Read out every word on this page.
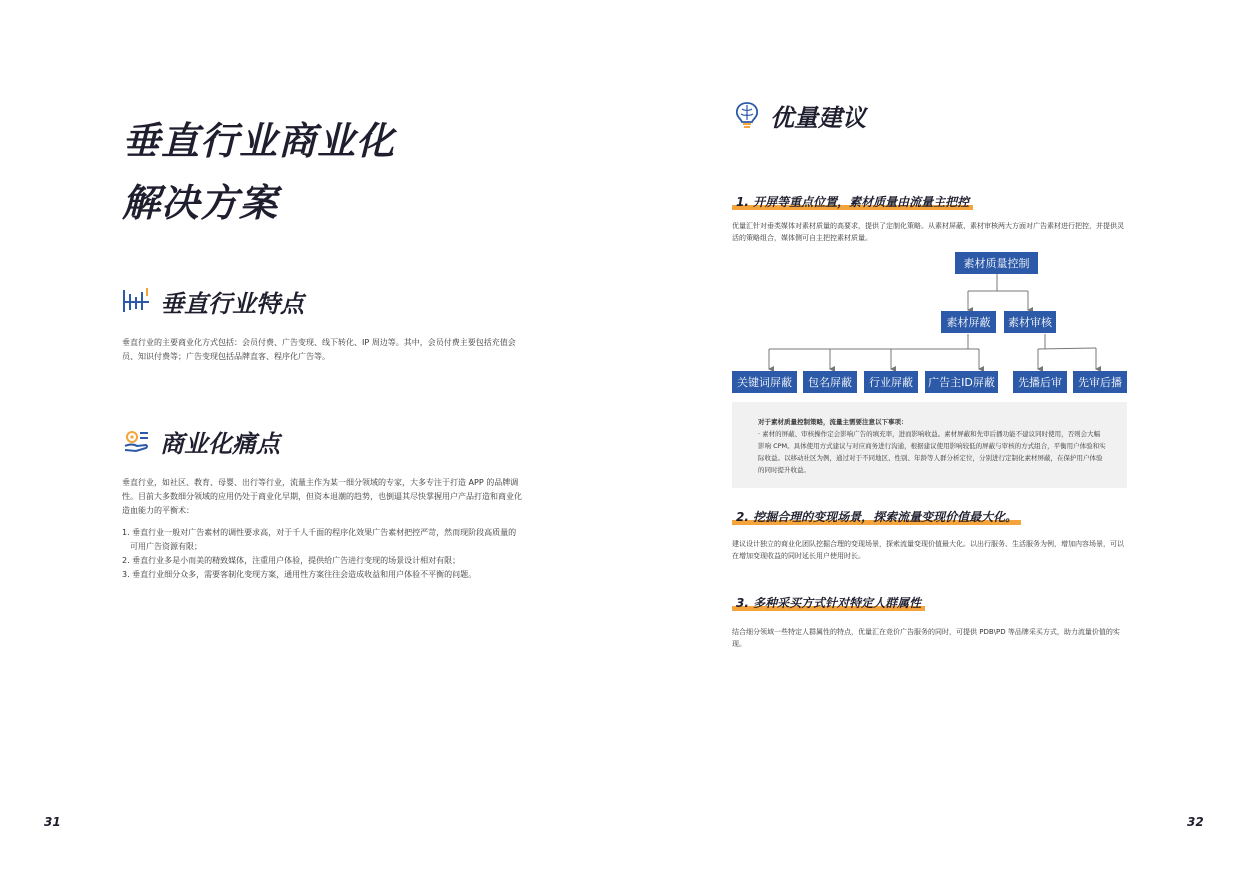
垂直行业商业化
解决方案
垂直行业特点
垂直行业的主要商业化方式包括：会员付费、广告变现、线下转化、IP 周边等。其中，会员付费主要包括充值会员、知识付费等；广告变现包括品牌直客、程序化广告等。
商业化痛点
垂直行业，如社区、教育、母婴、出行等行业，流量主作为某一细分领域的专家，大多专注于打造 APP 的品牌调性。目前大多数细分领域的应用仍处于商业化早期，但资本退潮的趋势，也倒逼其尽快掌握用户产品打造和商业化造血能力的平衡术：
1. 垂直行业一般对广告素材的调性要求高，对于千人千面的程序化效果广告素材把控严苛，然而现阶段高质量的可用广告资源有限；
2. 垂直行业多是小而美的精致媒体，注重用户体验，提供给广告进行变现的场景设计相对有限；
3. 垂直行业细分众多，需要客制化变现方案，通用性方案往往会造成收益和用户体验不平衡的问题。
31
优量建议
1. 开屏等重点位置，素材质量由流量主把控
优量汇针对垂类媒体对素材质量的高要求，提供了定制化策略。从素材屏蔽、素材审核两大方面对广告素材进行把控，并提供灵活的策略组合，媒体侧可自主把控素材质量。
素材质量控制
素材屏蔽	素材审核
关键词屏蔽	包名屏蔽	行业屏蔽	广告主ID屏蔽	先播后审	先审后播
对于素材质量控制策略，流量主需要注意以下事项：
· 素材的屏蔽、审核操作定会影响广告的填充率，进而影响收益。素材屏蔽和先审后播功能不建议同时使用，否则会大幅影响 CPM。具体使用方式建议与对应商务进行沟通，根据建议使用影响较低的屏蔽与审核的方式组合，平衡用户体验和实际收益。以移动社区为例，通过对于不同地区、性别、年龄等人群分析定位，分别进行定制化素材屏蔽，在保护用户体验的同时提升收益。
2. 挖掘合理的变现场景，探索流量变现价值最大化。
建议设计独立的商业化团队挖掘合理的变现场景，探索流量变现价值最大化。以出行服务、生活服务为例，增加内容场景，可以在增加变现收益的同时延长用户使用时长。
3. 多种采买方式针对特定人群属性
结合细分领域一些特定人群属性的特点，优量汇在竞价广告服务的同时，可提供 PDB\PD 等品牌采买方式，助力流量价值的实现。
32
